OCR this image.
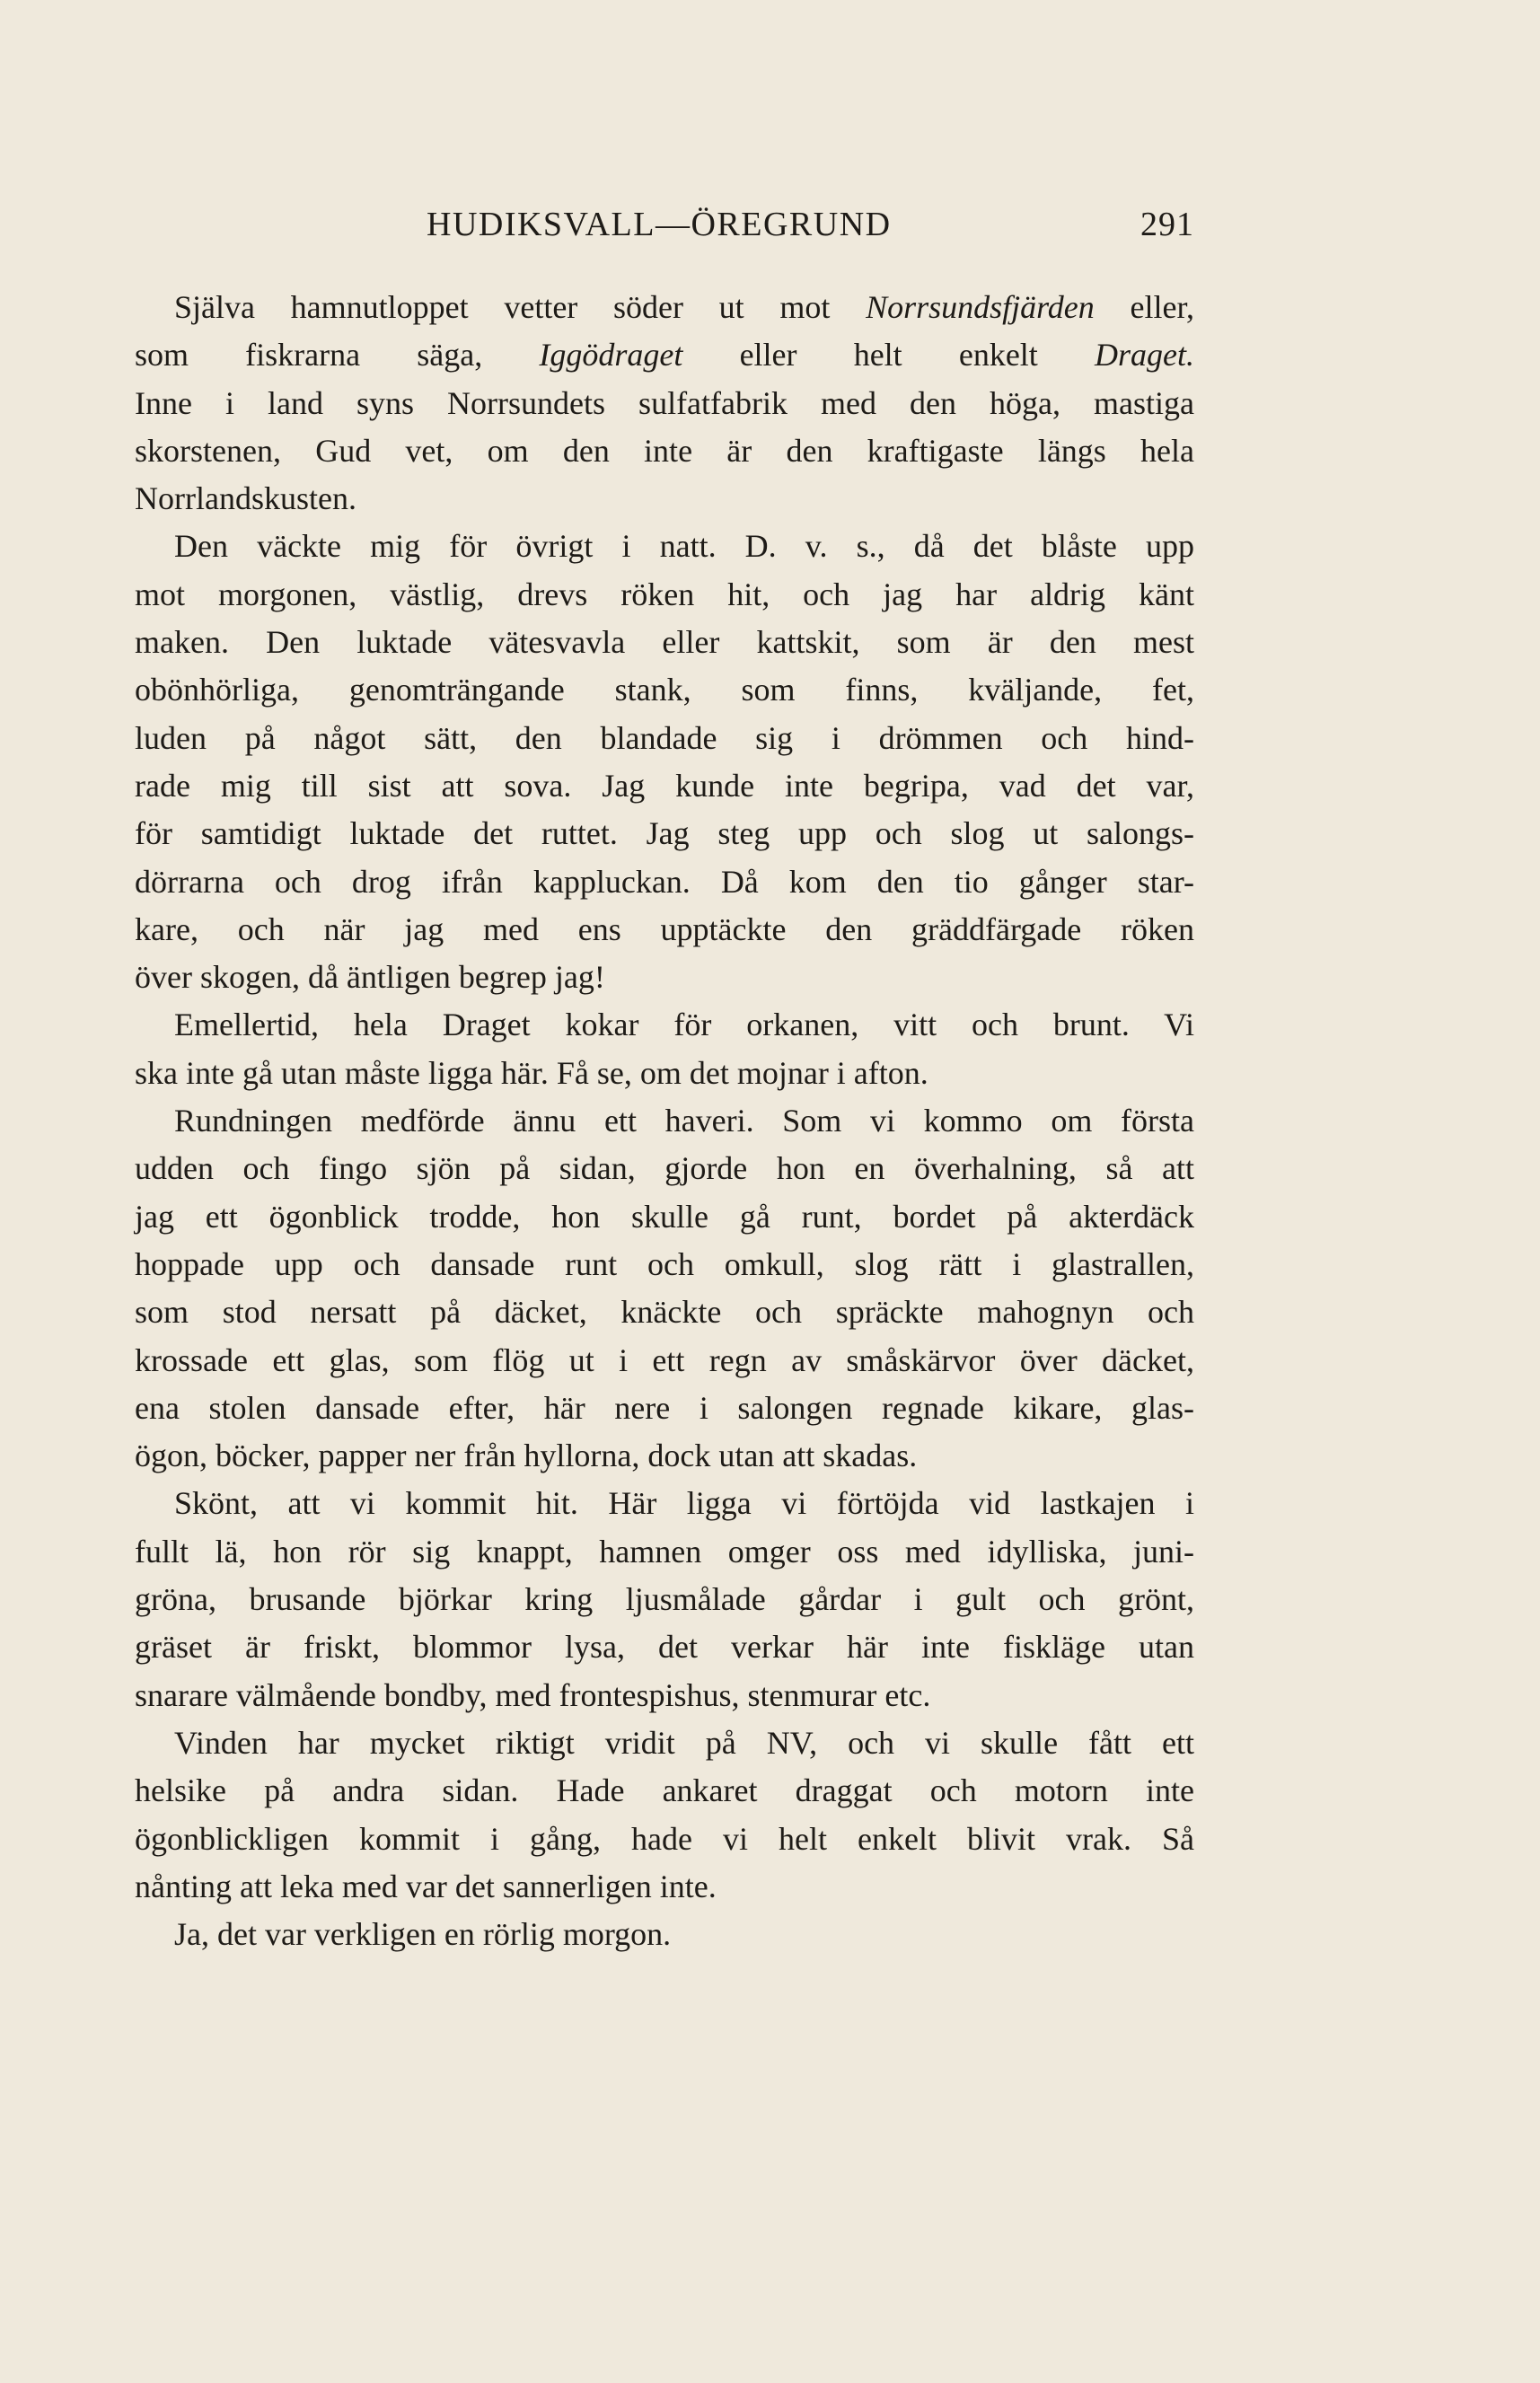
HUDIKSVALL—ÖREGRUND	291
Själva hamnutloppet vetter söder ut mot Norrsundsfjärden eller,
som fiskrarna säga, Iggödraget eller helt enkelt Draget.
Inne i land syns Norrsundets sulfatfabrik med den höga, mastiga
skorstenen, Gud vet, om den inte är den kraftigaste längs hela
Norrlandskusten.
Den väckte mig för övrigt i natt. D. v. s., då det blåste upp
mot morgonen, västlig, drevs röken hit, och jag har aldrig känt
maken. Den luktade vätesvavla eller kattskit, som är den mest
obönhörliga, genomträngande stank, som finns, kväljande, fet,
luden på något sätt, den blandade sig i drömmen och hind-
rade mig till sist att sova. Jag kunde inte begripa, vad det var,
för samtidigt luktade det ruttet. Jag steg upp och slog ut salongs-
dörrarna och drog ifrån kappluckan. Då kom den tio gånger star-
kare, och när jag med ens upptäckte den gräddfärgade röken
över skogen, då äntligen begrep jag!
Emellertid, hela Draget kokar för orkanen, vitt och brunt. Vi
ska inte gå utan måste ligga här. Få se, om det mojnar i afton.
Rundningen medförde ännu ett haveri. Som vi kommo om första
udden och fingo sjön på sidan, gjorde hon en överhalning, så att
jag ett ögonblick trodde, hon skulle gå runt, bordet på akterdäck
hoppade upp och dansade runt och omkull, slog rätt i glastrallen,
som stod nersatt på däcket, knäckte och spräckte mahognyn och
krossade ett glas, som flög ut i ett regn av småskärvor över däcket,
ena stolen dansade efter, här nere i salongen regnade kikare, glas-
ögon, böcker, papper ner från hyllorna, dock utan att skadas.
Skönt, att vi kommit hit. Här ligga vi förtöjda vid lastkajen i
fullt lä, hon rör sig knappt, hamnen omger oss med idylliska, juni-
gröna, brusande björkar kring ljusmålade gårdar i gult och grönt,
gräset är friskt, blommor lysa, det verkar här inte fiskläge utan
snarare välmående bondby, med frontespishus, stenmurar etc.
Vinden har mycket riktigt vridit på NV, och vi skulle fått ett
helsike på andra sidan. Hade ankaret draggat och motorn inte
ögonblickligen kommit i gång, hade vi helt enkelt blivit vrak. Så
nånting att leka med var det sannerligen inte.
Ja, det var verkligen en rörlig morgon.
